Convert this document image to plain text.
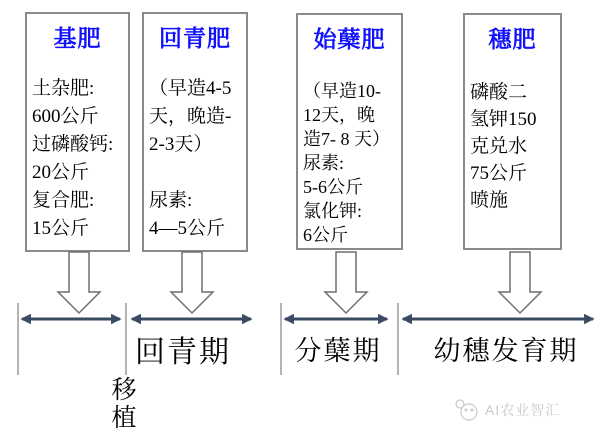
基肥
土杂肥:
600公斤
过磷酸钙:
20公斤
复合肥:
15公斤
回青肥
（早造4-5
天，晚造-
2-3天）
尿素:
4—5公斤
始蘖肥
（早造10-
12天，晚
造7- 8 天）
尿素:
5-6公斤
氯化钾:
6公斤
穗肥
磷酸二
氢钾150
克兑水
75公斤
喷施
回青期	分蘖期	幼穗发育期
移植	AI农业智汇
